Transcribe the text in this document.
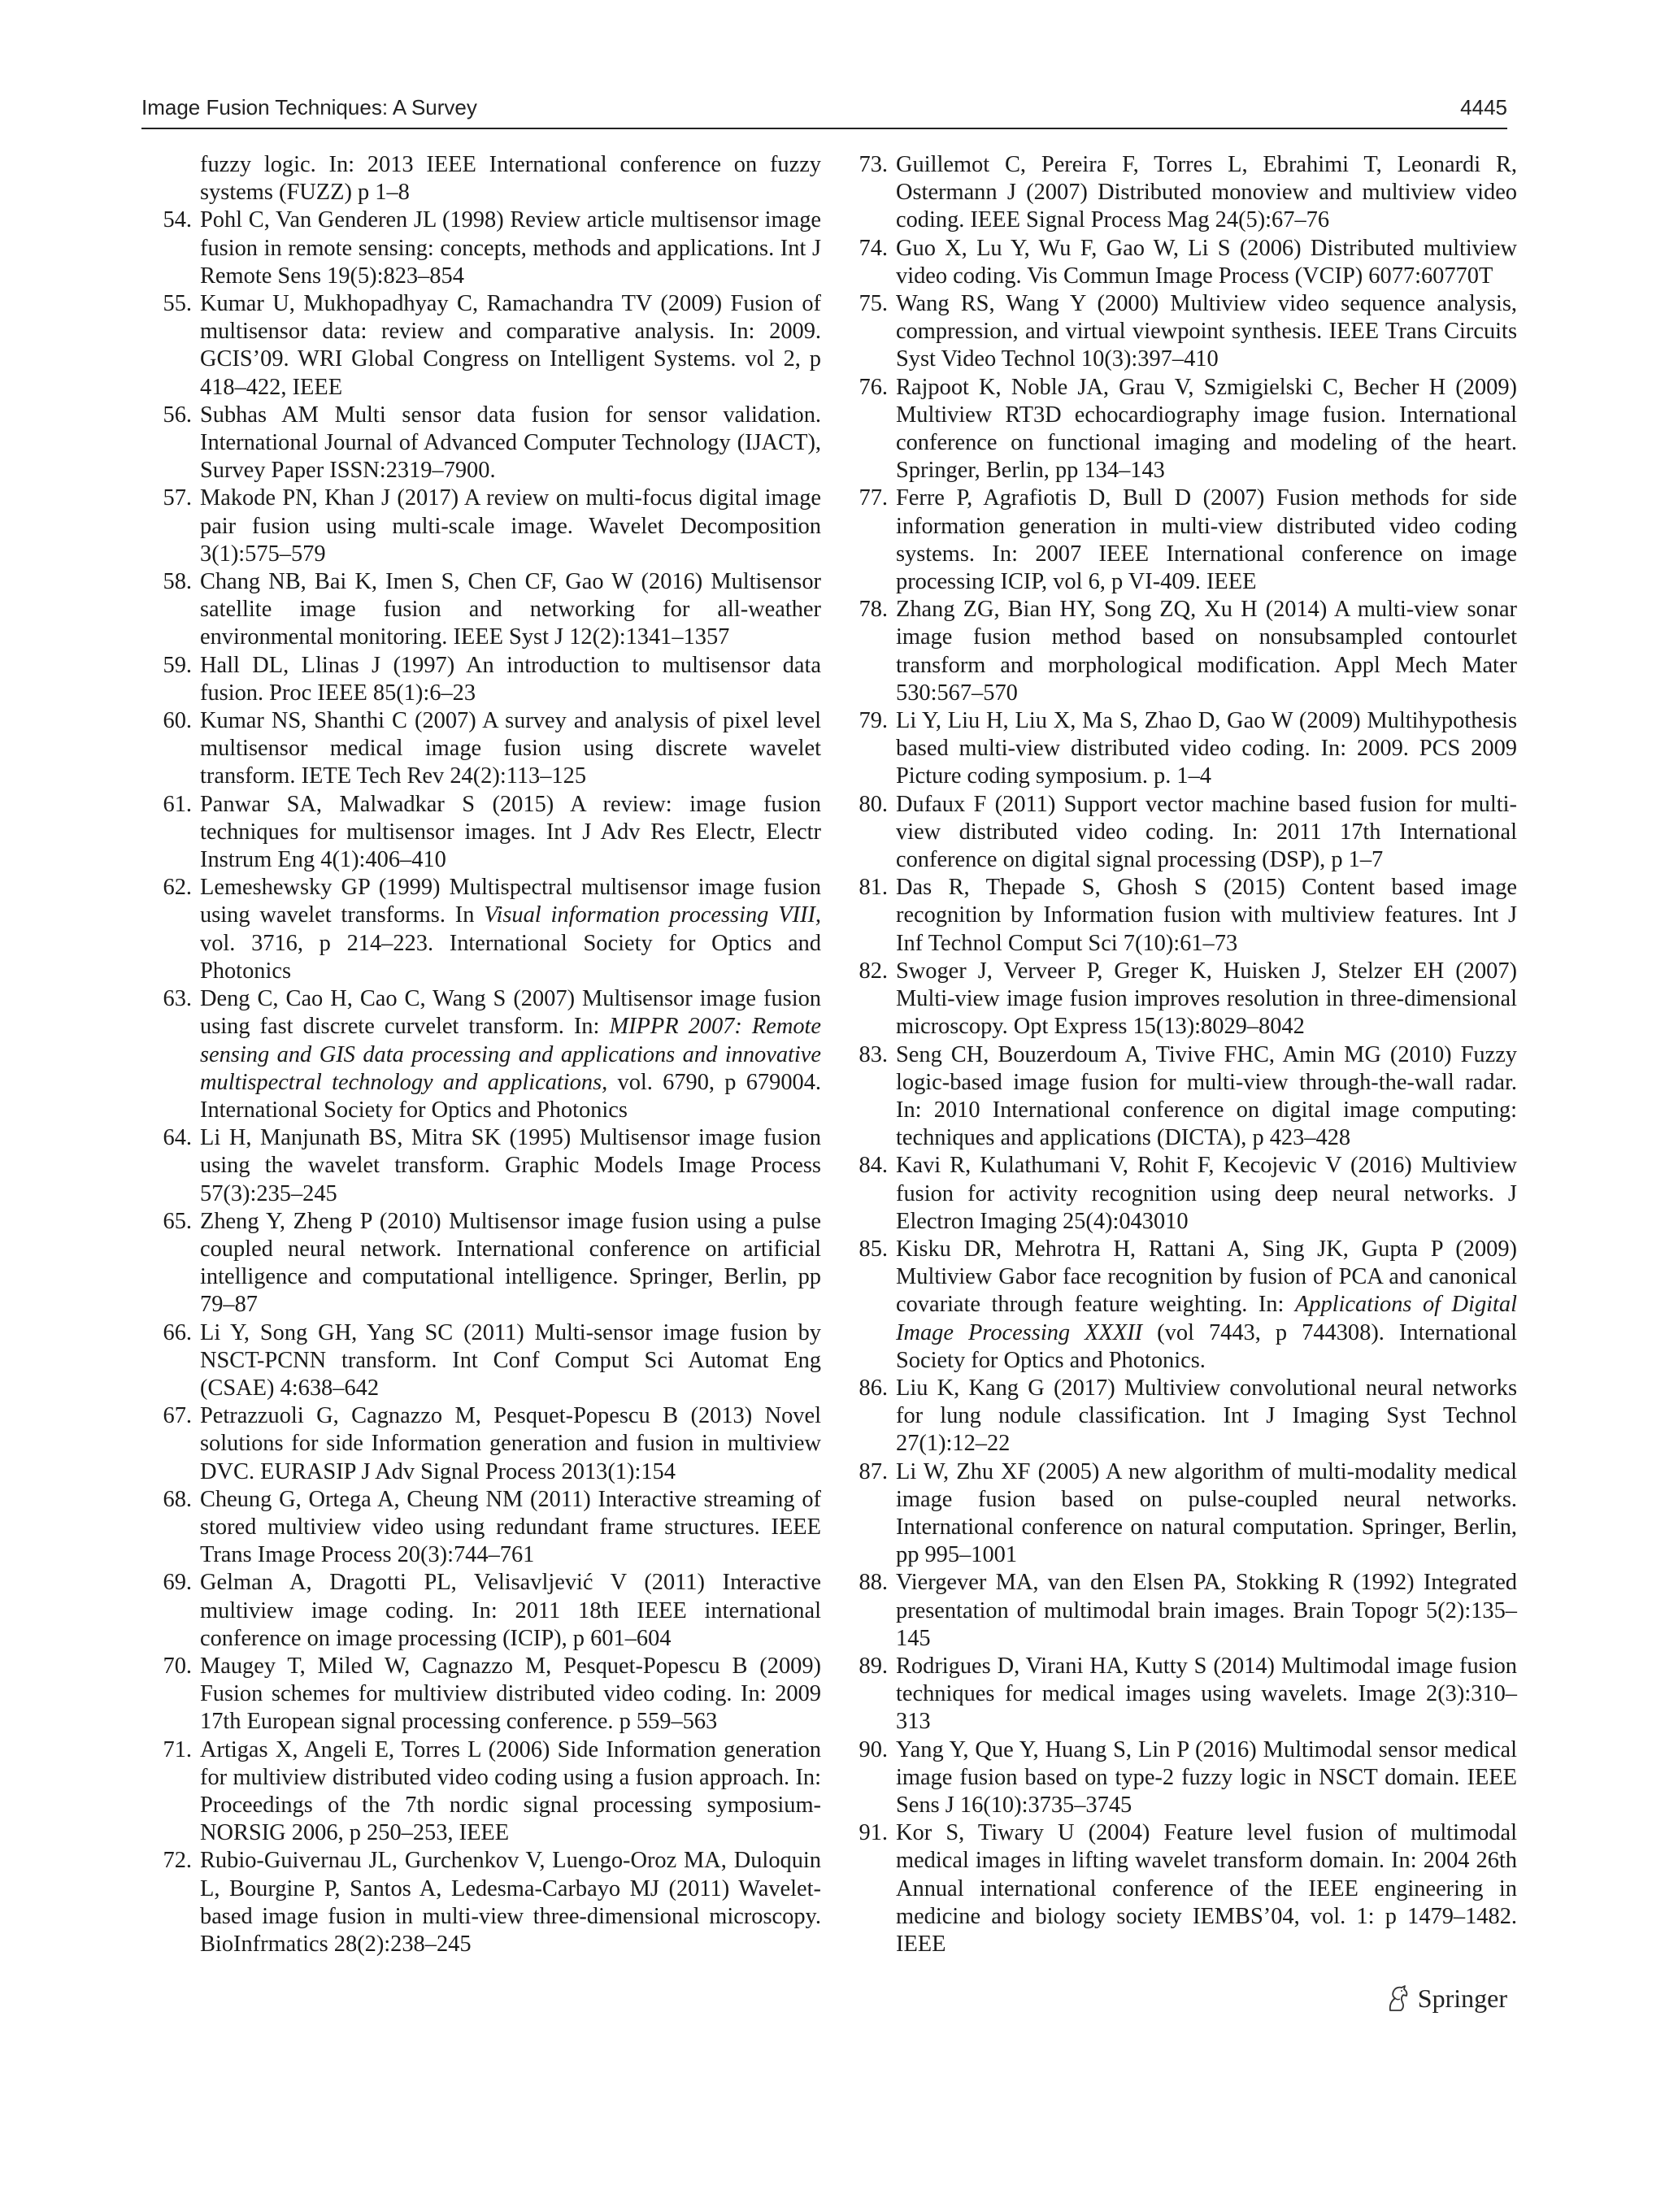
Image Fusion Techniques: A Survey	4445

fuzzy logic. In: 2013 IEEE International conference on fuzzy systems (FUZZ) p 1–8

54. Pohl C, Van Genderen JL (1998) Review article multisensor image fusion in remote sensing: concepts, methods and applications. Int J Remote Sens 19(5):823–854

55. Kumar U, Mukhopadhyay C, Ramachandra TV (2009) Fusion of multisensor data: review and comparative analysis. In: 2009. GCIS’09. WRI Global Congress on Intelligent Systems. vol 2, p 418–422, IEEE

56. Subhas AM Multi sensor data fusion for sensor validation. International Journal of Advanced Computer Technology (IJACT), Survey Paper ISSN:2319–7900.

57. Makode PN, Khan J (2017) A review on multi-focus digital image pair fusion using multi-scale image. Wavelet Decomposition 3(1):575–579

58. Chang NB, Bai K, Imen S, Chen CF, Gao W (2016) Multisensor satellite image fusion and networking for all-weather environmental monitoring. IEEE Syst J 12(2):1341–1357

59. Hall DL, Llinas J (1997) An introduction to multisensor data fusion. Proc IEEE 85(1):6–23

60. Kumar NS, Shanthi C (2007) A survey and analysis of pixel level multisensor medical image fusion using discrete wavelet transform. IETE Tech Rev 24(2):113–125

61. Panwar SA, Malwadkar S (2015) A review: image fusion techniques for multisensor images. Int J Adv Res Electr, Electr Instrum Eng 4(1):406–410

62. Lemeshewsky GP (1999) Multispectral multisensor image fusion using wavelet transforms. In Visual information processing VIII, vol. 3716, p 214–223. International Society for Optics and Photonics

63. Deng C, Cao H, Cao C, Wang S (2007) Multisensor image fusion using fast discrete curvelet transform. In: MIPPR 2007: Remote sensing and GIS data processing and applications and innovative multispectral technology and applications, vol. 6790, p 679004. International Society for Optics and Photonics

64. Li H, Manjunath BS, Mitra SK (1995) Multisensor image fusion using the wavelet transform. Graphic Models Image Process 57(3):235–245

65. Zheng Y, Zheng P (2010) Multisensor image fusion using a pulse coupled neural network. International conference on artificial intelligence and computational intelligence. Springer, Berlin, pp 79–87

66. Li Y, Song GH, Yang SC (2011) Multi-sensor image fusion by NSCT-PCNN transform. Int Conf Comput Sci Automat Eng (CSAE) 4:638–642

67. Petrazzuoli G, Cagnazzo M, Pesquet-Popescu B (2013) Novel solutions for side Information generation and fusion in multiview DVC. EURASIP J Adv Signal Process 2013(1):154

68. Cheung G, Ortega A, Cheung NM (2011) Interactive streaming of stored multiview video using redundant frame structures. IEEE Trans Image Process 20(3):744–761

69. Gelman A, Dragotti PL, Velisavljević V (2011) Interactive multiview image coding. In: 2011 18th IEEE international conference on image processing (ICIP), p 601–604

70. Maugey T, Miled W, Cagnazzo M, Pesquet-Popescu B (2009) Fusion schemes for multiview distributed video coding. In: 2009 17th European signal processing conference. p 559–563

71. Artigas X, Angeli E, Torres L (2006) Side Information generation for multiview distributed video coding using a fusion approach. In: Proceedings of the 7th nordic signal processing symposium-NORSIG 2006, p 250–253, IEEE

72. Rubio-Guivernau JL, Gurchenkov V, Luengo-Oroz MA, Duloquin L, Bourgine P, Santos A, Ledesma-Carbayo MJ (2011) Wavelet-based image fusion in multi-view three-dimensional microscopy. BioInfrmatics 28(2):238–245

73. Guillemot C, Pereira F, Torres L, Ebrahimi T, Leonardi R, Ostermann J (2007) Distributed monoview and multiview video coding. IEEE Signal Process Mag 24(5):67–76

74. Guo X, Lu Y, Wu F, Gao W, Li S (2006) Distributed multiview video coding. Vis Commun Image Process (VCIP) 6077:60770T

75. Wang RS, Wang Y (2000) Multiview video sequence analysis, compression, and virtual viewpoint synthesis. IEEE Trans Circuits Syst Video Technol 10(3):397–410

76. Rajpoot K, Noble JA, Grau V, Szmigielski C, Becher H (2009) Multiview RT3D echocardiography image fusion. International conference on functional imaging and modeling of the heart. Springer, Berlin, pp 134–143

77. Ferre P, Agrafiotis D, Bull D (2007) Fusion methods for side information generation in multi-view distributed video coding systems. In: 2007 IEEE International conference on image processing ICIP, vol 6, p VI-409. IEEE

78. Zhang ZG, Bian HY, Song ZQ, Xu H (2014) A multi-view sonar image fusion method based on nonsubsampled contourlet transform and morphological modification. Appl Mech Mater 530:567–570

79. Li Y, Liu H, Liu X, Ma S, Zhao D, Gao W (2009) Multihypothesis based multi-view distributed video coding. In: 2009. PCS 2009 Picture coding symposium. p. 1–4

80. Dufaux F (2011) Support vector machine based fusion for multi-view distributed video coding. In: 2011 17th International conference on digital signal processing (DSP), p 1–7

81. Das R, Thepade S, Ghosh S (2015) Content based image recognition by Information fusion with multiview features. Int J Inf Technol Comput Sci 7(10):61–73

82. Swoger J, Verveer P, Greger K, Huisken J, Stelzer EH (2007) Multi-view image fusion improves resolution in three-dimensional microscopy. Opt Express 15(13):8029–8042

83. Seng CH, Bouzerdoum A, Tivive FHC, Amin MG (2010) Fuzzy logic-based image fusion for multi-view through-the-wall radar. In: 2010 International conference on digital image computing: techniques and applications (DICTA), p 423–428

84. Kavi R, Kulathumani V, Rohit F, Kecojevic V (2016) Multiview fusion for activity recognition using deep neural networks. J Electron Imaging 25(4):043010

85. Kisku DR, Mehrotra H, Rattani A, Sing JK, Gupta P (2009) Multiview Gabor face recognition by fusion of PCA and canonical covariate through feature weighting. In: Applications of Digital Image Processing XXXII (vol 7443, p 744308). International Society for Optics and Photonics.

86. Liu K, Kang G (2017) Multiview convolutional neural networks for lung nodule classification. Int J Imaging Syst Technol 27(1):12–22

87. Li W, Zhu XF (2005) A new algorithm of multi-modality medical image fusion based on pulse-coupled neural networks. International conference on natural computation. Springer, Berlin, pp 995–1001

88. Viergever MA, van den Elsen PA, Stokking R (1992) Integrated presentation of multimodal brain images. Brain Topogr 5(2):135–145

89. Rodrigues D, Virani HA, Kutty S (2014) Multimodal image fusion techniques for medical images using wavelets. Image 2(3):310–313

90. Yang Y, Que Y, Huang S, Lin P (2016) Multimodal sensor medical image fusion based on type-2 fuzzy logic in NSCT domain. IEEE Sens J 16(10):3735–3745

91. Kor S, Tiwary U (2004) Feature level fusion of multimodal medical images in lifting wavelet transform domain. In: 2004 26th Annual international conference of the IEEE engineering in medicine and biology society IEMBS’04, vol. 1: p 1479–1482. IEEE

Springer
